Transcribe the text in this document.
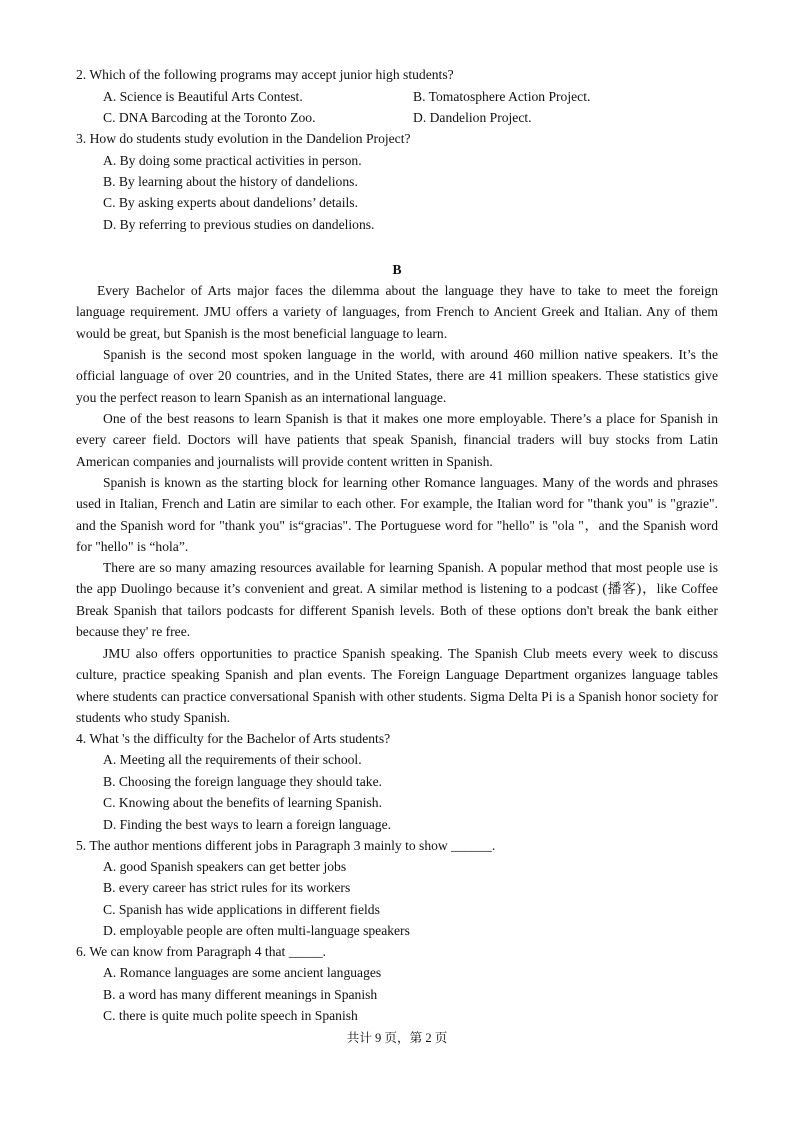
2. Which of the following programs may accept junior high students?
A. Science is Beautiful Arts Contest.	B. Tomatosphere Action Project.
C. DNA Barcoding at the Toronto Zoo.	D. Dandelion Project.
3. How do students study evolution in the Dandelion Project?
A. By doing some practical activities in person.
B. By learning about the history of dandelions.
C. By asking experts about dandelions’ details.
D. By referring to previous studies on dandelions.
B
Every Bachelor of Arts major faces the dilemma about the language they have to take to meet the foreign language requirement. JMU offers a variety of languages, from French to Ancient Greek and Italian. Any of them would be great, but Spanish is the most beneficial language to learn.
Spanish is the second most spoken language in the world, with around 460 million native speakers. It’s the official language of over 20 countries, and in the United States, there are 41 million speakers. These statistics give you the perfect reason to learn Spanish as an international language.
One of the best reasons to learn Spanish is that it makes one more employable. There’s a place for Spanish in every career field. Doctors will have patients that speak Spanish, financial traders will buy stocks from Latin American companies and journalists will provide content written in Spanish.
Spanish is known as the starting block for learning other Romance languages. Many of the words and phrases used in Italian, French and Latin are similar to each other. For example, the Italian word for "thank you" is "grazie". and the Spanish word for "thank you" is“gracias". The Portuguese word for "hello" is "ola "，and the Spanish word for "hello" is “hola”.
There are so many amazing resources available for learning Spanish. A popular method that most people use is the app Duolingo because it’s convenient and great. A similar method is listening to a podcast (播客)，like Coffee Break Spanish that tailors podcasts for different Spanish levels. Both of these options don't break the bank either because they' re free.
JMU also offers opportunities to practice Spanish speaking. The Spanish Club meets every week to discuss culture, practice speaking Spanish and plan events. The Foreign Language Department organizes language tables where students can practice conversational Spanish with other students. Sigma Delta Pi is a Spanish honor society for students who study Spanish.
4. What 's the difficulty for the Bachelor of Arts students?
A. Meeting all the requirements of their school.
B. Choosing the foreign language they should take.
C. Knowing about the benefits of learning Spanish.
D. Finding the best ways to learn a foreign language.
5. The author mentions different jobs in Paragraph 3 mainly to show ______.
A. good Spanish speakers can get better jobs
B. every career has strict rules for its workers
C. Spanish has wide applications in different fields
D. employable people are often multi-language speakers
6. We can know from Paragraph 4 that _____.
A. Romance languages are some ancient languages
B. a word has many different meanings in Spanish
C. there is quite much polite speech in Spanish
共计 9 页，第 2 页
